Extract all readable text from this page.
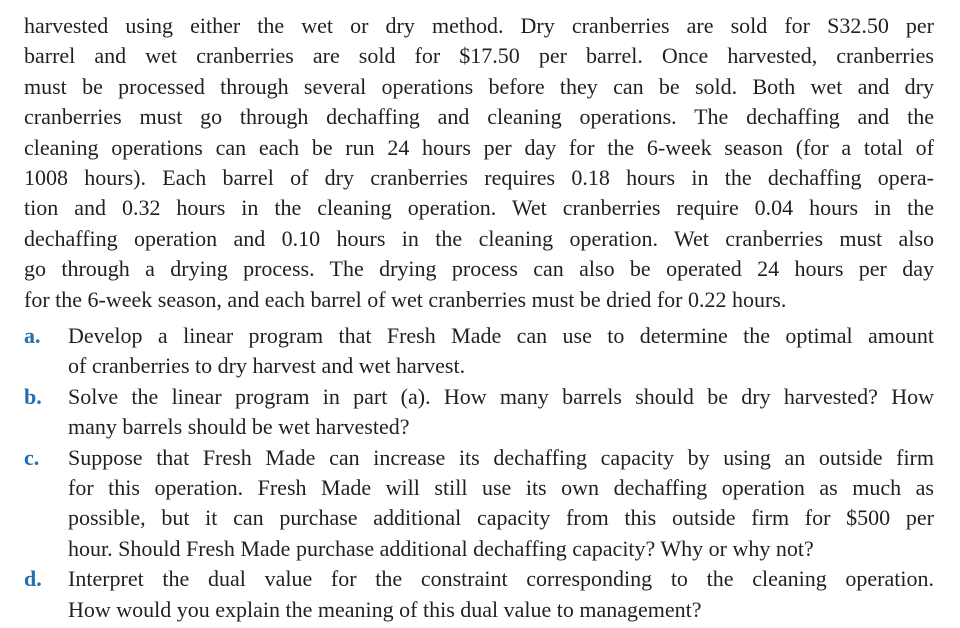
harvested using either the wet or dry method. Dry cranberries are sold for S32.50 per
barrel and wet cranberries are sold for $17.50 per barrel. Once harvested, cranberries
must be processed through several operations before they can be sold. Both wet and dry
cranberries must go through dechaffing and cleaning operations. The dechaffing and the
cleaning operations can each be run 24 hours per day for the 6-week season (for a total of
1008 hours). Each barrel of dry cranberries requires 0.18 hours in the dechaffing opera-
tion and 0.32 hours in the cleaning operation. Wet cranberries require 0.04 hours in the
dechaffing operation and 0.10 hours in the cleaning operation. Wet cranberries must also
go through a drying process. The drying process can also be operated 24 hours per day
for the 6-week season, and each barrel of wet cranberries must be dried for 0.22 hours.
a.	Develop a linear program that Fresh Made can use to determine the optimal amount
of cranberries to dry harvest and wet harvest.
b.	Solve the linear program in part (a). How many barrels should be dry harvested? How
many barrels should be wet harvested?
c.	Suppose that Fresh Made can increase its dechaffing capacity by using an outside firm
for this operation. Fresh Made will still use its own dechaffing operation as much as
possible, but it can purchase additional capacity from this outside firm for $500 per
hour. Should Fresh Made purchase additional dechaffing capacity? Why or why not?
d.	Interpret the dual value for the constraint corresponding to the cleaning operation.
How would you explain the meaning of this dual value to management?
